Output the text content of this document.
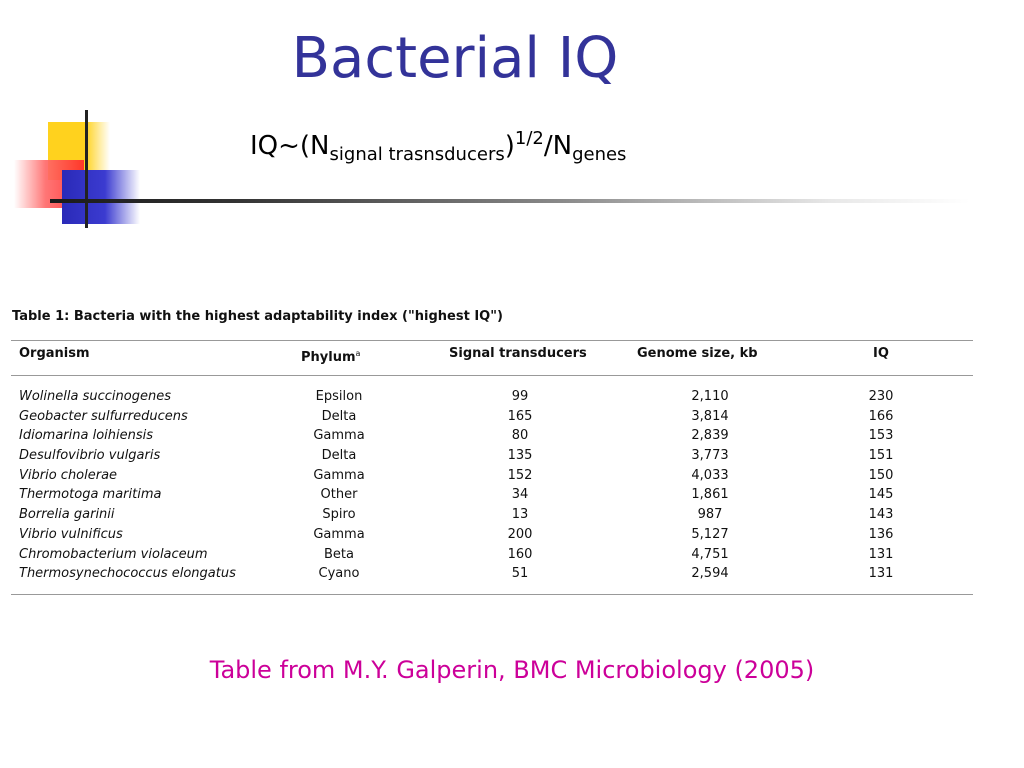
Bacterial IQ
$IQ\sim(N_{signal trasnsducers})^{1/2}/N_{genes}$
Table 1: Bacteria with the highest adaptability index ("highest IQ")
Organism	Phylum$^a$	Signal transducers	Genome size, kb	IQ
Wolinella succinogenes	Epsilon	99	2,110	230
Geobacter sulfurreducens	Delta	165	3,814	166
Idiomarina loihiensis	Gamma	80	2,839	153
Desulfovibrio vulgaris	Delta	135	3,773	151
Vibrio cholerae	Gamma	152	4,033	150
Thermotoga maritima	Other	34	1,861	145
Borrelia garinii	Spiro	13	987	143
Vibrio vulnificus	Gamma	200	5,127	136
Chromobacterium violaceum	Beta	160	4,751	131
Thermosynechococcus elongatus	Cyano	51	2,594	131
Table from M.Y. Galperin, BMC Microbiology (2005)
